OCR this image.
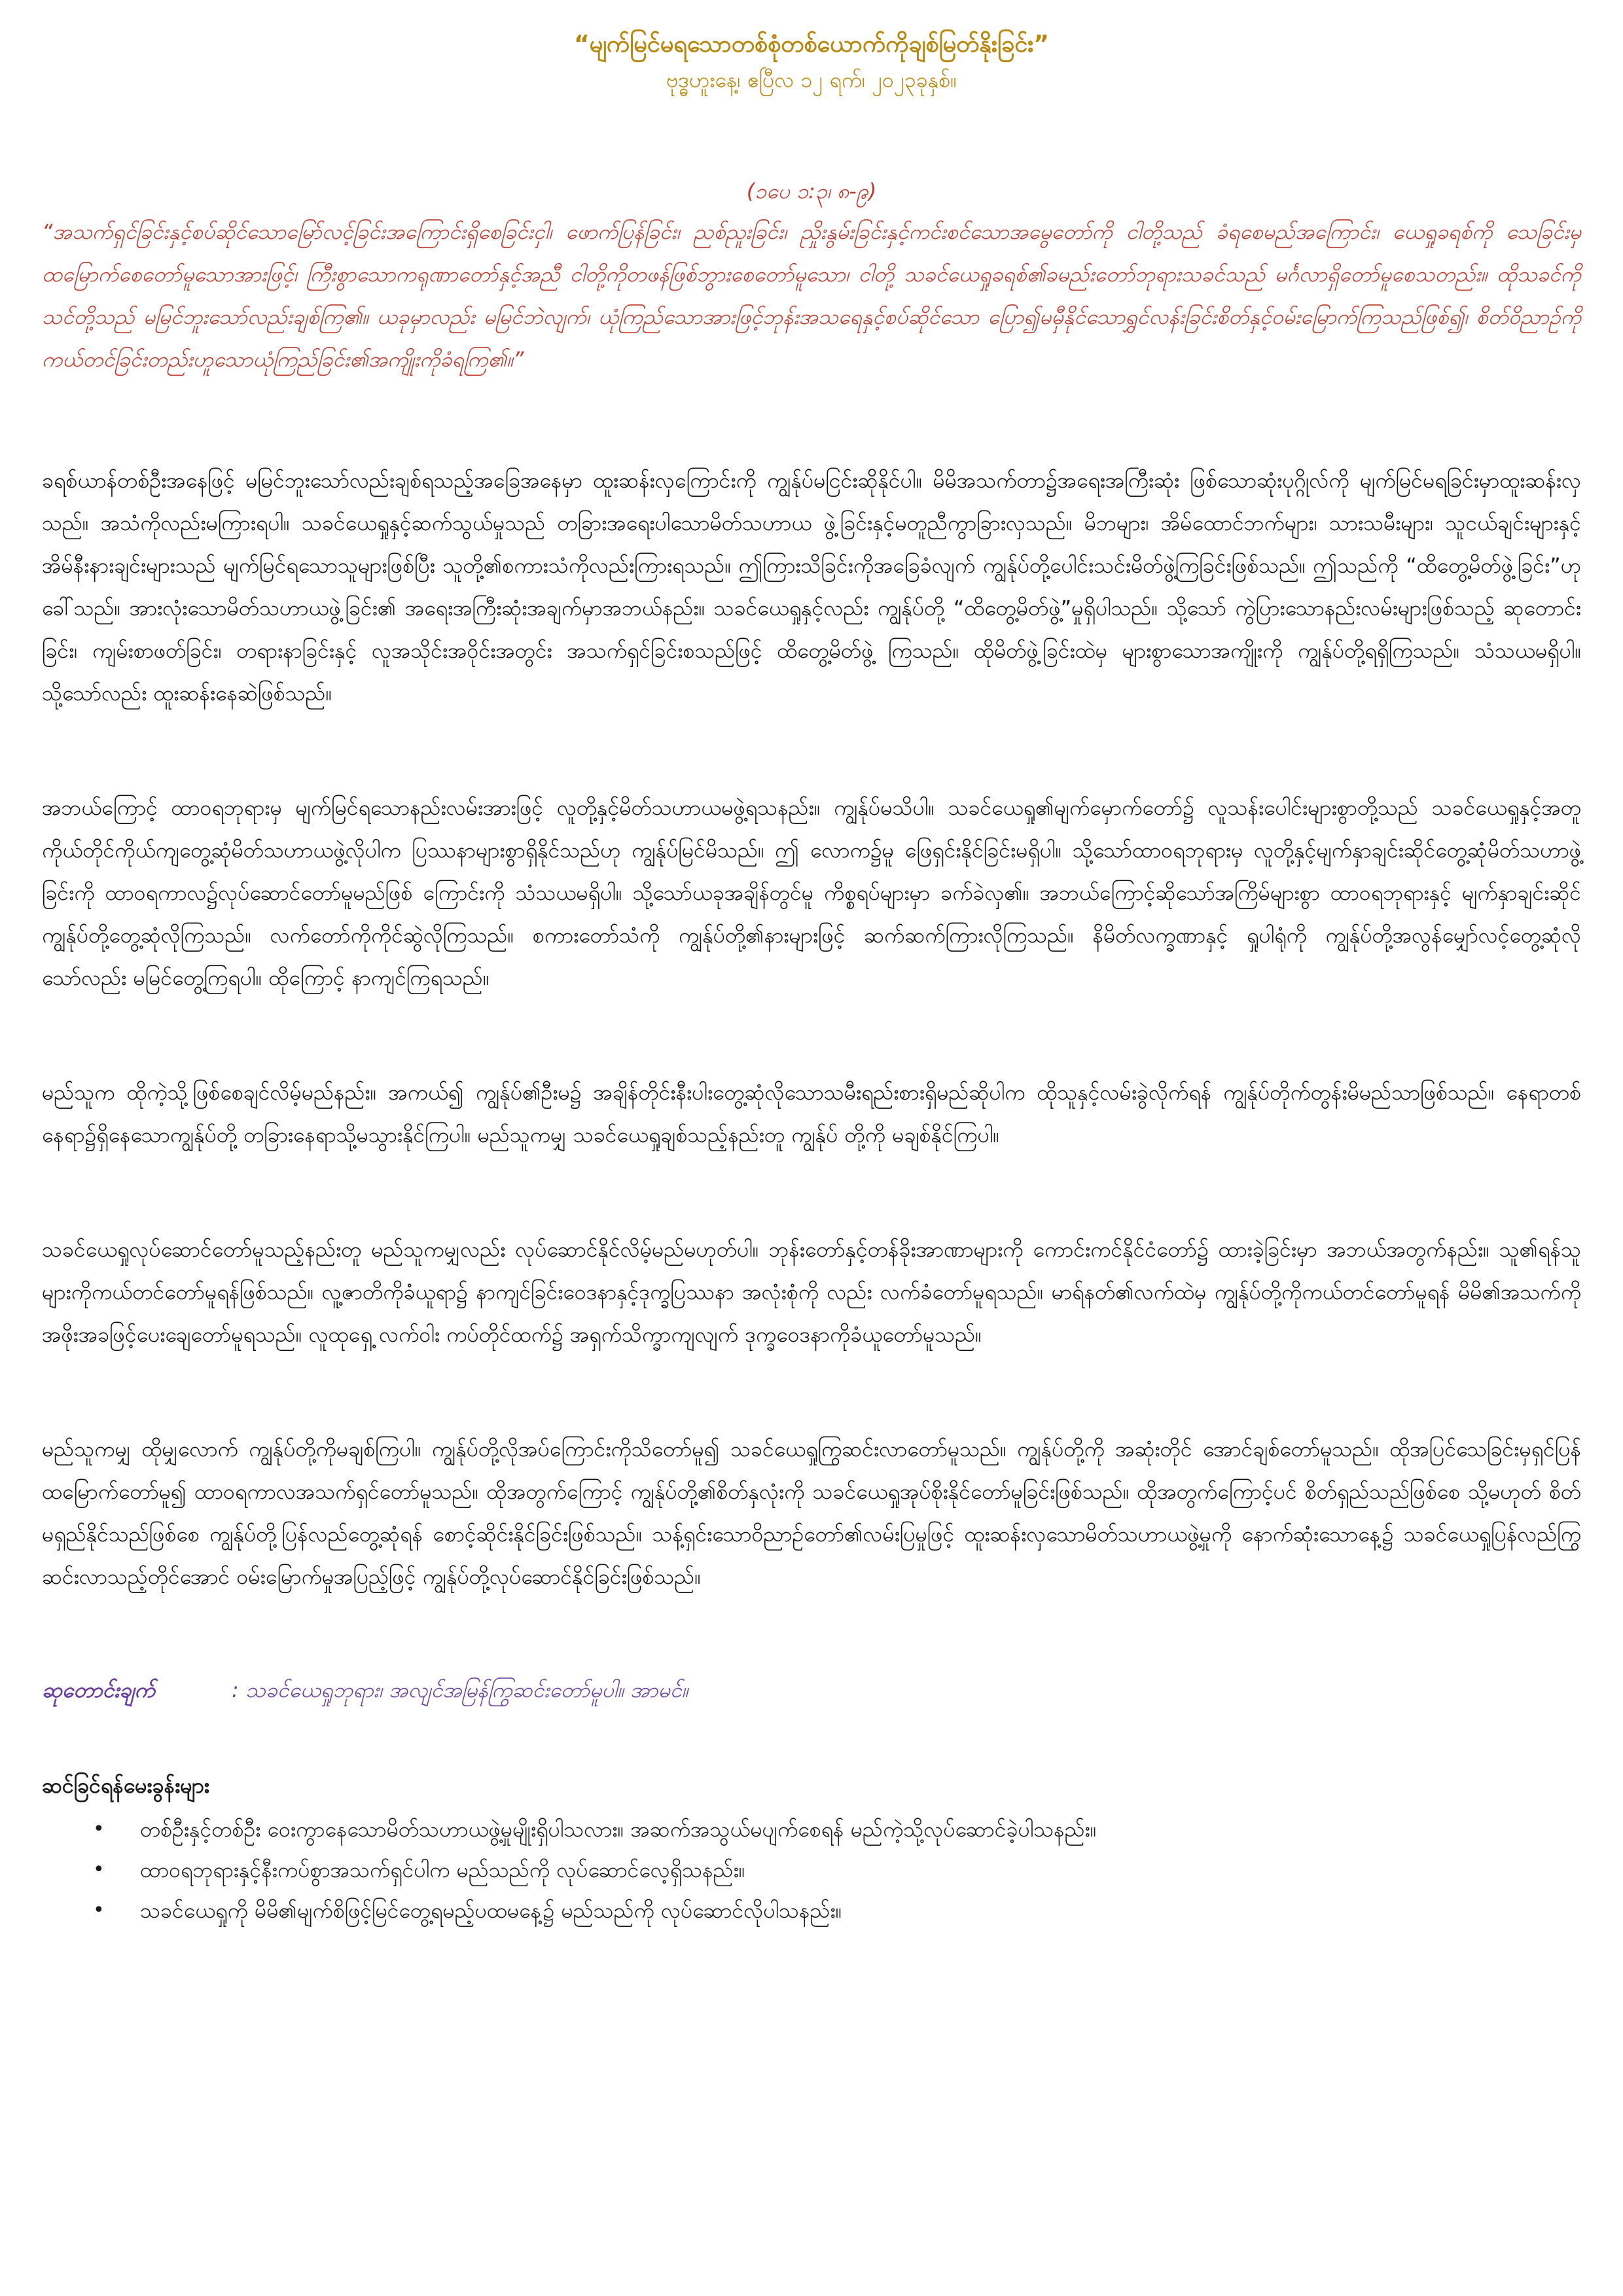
“မျက်မြင်မရသောတစ်စုံတစ်ယောက်ကိုချစ်မြတ်နိုးခြင်း”

ဗုဒ္ဓဟူးနေ့၊ ဧပြီလ ၁၂ ရက်၊ ၂၀၂၃ခုနှစ်။

(၁ပေ ၁:၃၊ ၈-၉)

“အသက်ရှင်ခြင်းနှင့်စပ်ဆိုင်သောမြော်လင့်ခြင်းအကြောင်းရှိစေခြင်းငှါ၊ ဖောက်ပြန်ခြင်း၊ ညစ်ညူးခြင်း၊ ညှိုးနွမ်းခြင်းနှင့်ကင်းစင်သောအမွေတော်ကို ငါတို့သည် ခံရစေမည်အကြောင်း၊ ယေရှုခရစ်ကို သေခြင်းမှထမြောက်စေတော်မူသောအားဖြင့်၊ ကြီးစွာသောကရုဏာတော်နှင့်အညီ ငါတို့ကိုတဖန်ဖြစ်ဘွားစေတော်မူသော၊ ငါတို့ သခင်ယေရှုခရစ်၏ခမည်းတော်ဘုရားသခင်သည် မင်္ဂလာရှိတော်မူစေသတည်း။ ထိုသခင်ကို သင်တို့သည် မမြင်ဘူးသော်လည်းချစ်ကြ၏။ ယခုမှာလည်း မမြင်ဘဲလျက်၊ ယုံကြည်သောအားဖြင့်ဘုန်းအသရေနှင့်စပ်ဆိုင်သော ပြော၍မမှီနိုင်သောရွှင်လန်းခြင်းစိတ်နှင့်ဝမ်းမြောက်ကြသည်ဖြစ်၍၊ စိတ်ဝိညာဉ်ကို ကယ်တင်ခြင်းတည်းဟူသောယုံကြည်ခြင်း၏အကျိုးကိုခံရကြ၏။”

ခရစ်ယာန်တစ်ဦးအနေဖြင့် မမြင်ဘူးသော်လည်းချစ်ရသည့်အခြေအနေမှာ ထူးဆန်းလှကြောင်းကို ကျွန်ုပ်မငြင်းဆိုနိုင်ပါ။ မိမိအသက်တာ၌အရေးအကြီးဆုံး ဖြစ်သောဆုံးပုဂ္ဂိုလ်ကို မျက်မြင်မရခြင်းမှာထူးဆန်းလှသည်။ အသံကိုလည်းမကြားရပါ။ သခင်ယေရှုနှင့်ဆက်သွယ်မှုသည် တခြားအရေးပါသောမိတ်သဟာယ ဖွဲ့ခြင်းနှင့်မတူညီကွာခြားလှသည်။ မိဘများ၊ အိမ်ထောင်ဘက်များ၊ သားသမီးများ၊ သူငယ်ချင်းများနှင့် အိမ်နီးနားချင်းများသည် မျက်မြင်ရသောသူများဖြစ်ပြီး သူတို့၏စကားသံကိုလည်းကြားရသည်။ ဤကြားသိခြင်းကိုအခြေခံလျက် ကျွန်ုပ်တို့ပေါင်းသင်းမိတ်ဖွဲ့ကြခြင်းဖြစ်သည်။ ဤသည်ကို “ထိတွေ့မိတ်ဖွဲ့ခြင်း”ဟု ခေါ်သည်။ အားလုံးသောမိတ်သဟာယဖွဲ့ခြင်း၏ အရေးအကြီးဆုံးအချက်မှာအဘယ်နည်း။ သခင်ယေရှုနှင့်လည်း ကျွန်ုပ်တို့ “ထိတွေ့မိတ်ဖွဲ့”မှုရှိပါသည်။ သို့သော် ကွဲပြားသောနည်းလမ်းများဖြစ်သည့် ဆုတောင်းခြင်း၊ ကျမ်းစာဖတ်ခြင်း၊ တရားနာခြင်းနှင့် လူအသိုင်းအဝိုင်းအတွင်း အသက်ရှင်ခြင်းစသည်ဖြင့် ထိတွေ့မိတ်ဖွဲ့ ကြသည်။ ထိုမိတ်ဖွဲ့ခြင်းထဲမှ များစွာသောအကျိုးကို ကျွန်ုပ်တို့ရရှိကြသည်။ သံသယမရှိပါ။ သို့သော်လည်း ထူးဆန်းနေဆဲဖြစ်သည်။

အဘယ်ကြောင့် ထာဝရဘုရားမှ မျက်မြင်ရသောနည်းလမ်းအားဖြင့် လူတို့နှင့်မိတ်သဟာယမဖွဲ့ရသနည်း။ ကျွန်ုပ်မသိပါ။ သခင်ယေရှု၏မျက်မှောက်တော်၌ လူသန်းပေါင်းများစွာတို့သည် သခင်ယေရှုနှင့်အတူ ကိုယ်တိုင်ကိုယ်ကျတွေ့ဆုံမိတ်သဟာယဖွဲ့လိုပါက ပြဿနာများစွာရှိနိုင်သည်ဟု ကျွန်ုပ်မြင်မိသည်။ ဤ လောက၌မူ ဖြေရှင်းနိုင်ခြင်းမရှိပါ။ သို့သော်ထာဝရဘုရားမှ လူတို့နှင့်မျက်နှာချင်းဆိုင်တွေ့ဆုံမိတ်သဟာဖွဲ့ခြင်းကို ထာဝရကာလ၌လုပ်ဆောင်တော်မူမည်ဖြစ် ကြောင်းကို သံသယမရှိပါ။ သို့သော်ယခုအချိန်တွင်မူ ကိစ္စရပ်များမှာ ခက်ခဲလှ၏။ အဘယ်ကြောင့်ဆိုသော်အကြိမ်များစွာ ထာဝရဘုရားနှင့် မျက်နှာချင်းဆိုင် ကျွန်ုပ်တို့တွေ့ဆုံလိုကြသည်။ လက်တော်ကိုကိုင်ဆွဲလိုကြသည်။ စကားတော်သံကို ကျွန်ုပ်တို့၏နားများဖြင့် ဆက်ဆက်ကြားလိုကြသည်။ နိမိတ်လက္ခဏာနှင့် ရှုပါရုံကို ကျွန်ုပ်တို့အလွန်မျှော်လင့်တွေ့ဆုံလိုသော်လည်း မမြင်တွေ့ကြရပါ။ ထိုကြောင့် နာကျင်ကြရသည်။

မည်သူက ထိုကဲ့သို့ဖြစ်စေချင်လိမ့်မည်နည်း။ အကယ်၍ ကျွန်ုပ်၏ဦးမ၌ အချိန်တိုင်းနီးပါးတွေ့ဆုံလိုသောသမီးရည်းစားရှိမည်ဆိုပါက ထိုသူနှင့်လမ်းခွဲလိုက်ရန် ကျွန်ုပ်တိုက်တွန်းမိမည်သာဖြစ်သည်။ နေရာတစ်နေရာ၌ရှိနေသောကျွန်ုပ်တို့ တခြားနေရာသို့မသွားနိုင်ကြပါ။ မည်သူကမျှ သခင်ယေရှုချစ်သည့်နည်းတူ ကျွန်ုပ် တို့ကို မချစ်နိုင်ကြပါ။

သခင်ယေရှုလုပ်ဆောင်တော်မူသည့်နည်းတူ မည်သူကမျှလည်း လုပ်ဆောင်နိုင်လိမ့်မည်မဟုတ်ပါ။ ဘုန်းတော်နှင့်တန်ခိုးအာဏာများကို ကောင်းကင်နိုင်ငံတော်၌ ထားခဲ့ခြင်းမှာ အဘယ်အတွက်နည်း။ သူ၏ရန်သူများကိုကယ်တင်တော်မူရန်ဖြစ်သည်။ လူ့ဇာတိကိုခံယူရာ၌ နာကျင်ခြင်းဝေဒနာနှင့်ဒုက္ခပြဿနာ အလုံးစုံကို လည်း လက်ခံတော်မူရသည်။ မာရ်နတ်၏လက်ထဲမှ ကျွန်ုပ်တို့ကိုကယ်တင်တော်မူရန် မိမိ၏အသက်ကို အဖိုးအခဖြင့်ပေးချေတော်မူရသည်။ လူထုရှေ့ လက်ဝါး ကပ်တိုင်ထက်၌ အရှက်သိက္ခာကျလျက် ဒုက္ခဝေဒနာကိုခံယူတော်မူသည်။

မည်သူကမျှ ထိုမျှလောက် ကျွန်ုပ်တို့ကိုမချစ်ကြပါ။ ကျွန်ုပ်တို့လိုအပ်ကြောင်းကိုသိတော်မူ၍ သခင်ယေရှုကြွဆင်းလာတော်မူသည်။ ကျွန်ုပ်တို့ကို အဆုံးတိုင် အောင်ချစ်တော်မူသည်။ ထိုအပြင်သေခြင်းမှရှင်ပြန်ထမြောက်တော်မူ၍ ထာဝရကာလအသက်ရှင်တော်မူသည်။ ထိုအတွက်ကြောင့် ကျွန်ုပ်တို့၏စိတ်နှလုံးကို သခင်ယေရှုအုပ်စိုးနိုင်တော်မူခြင်းဖြစ်သည်။ ထိုအတွက်ကြောင့်ပင် စိတ်ရှည်သည်ဖြစ်စေ သို့မဟုတ် စိတ်မရှည်နိုင်သည်ဖြစ်စေ ကျွန်ုပ်တို့ပြန်လည်တွေ့ဆုံရန် စောင့်ဆိုင်းနိုင်ခြင်းဖြစ်သည်။ သန့်ရှင်းသောဝိညာဉ်တော်၏လမ်းပြမှုဖြင့် ထူးဆန်းလှသောမိတ်သဟာယဖွဲ့မှုကို နောက်ဆုံးသောနေ့၌ သခင်ယေရှုပြန်လည်ကြွ ဆင်းလာသည့်တိုင်အောင် ဝမ်းမြောက်မှုအပြည့်ဖြင့် ကျွန်ုပ်တို့လုပ်ဆောင်နိုင်ခြင်းဖြစ်သည်။

ဆုတောင်းချက်	: သခင်ယေရှုဘုရား၊ အလျင်အမြန်ကြွဆင်းတော်မူပါ။ အာမင်။
ဆင်ခြင်ရန်မေးခွန်းများ
• တစ်ဦးနှင့်တစ်ဦး ဝေးကွာနေသောမိတ်သဟာယဖွဲ့မှုမျိုးရှိပါသလား။ အဆက်အသွယ်မပျက်စေရန် မည်ကဲ့သို့လုပ်ဆောင်ခဲ့ပါသနည်း။
• ထာဝရဘုရားနှင့်နီးကပ်စွာအသက်ရှင်ပါက မည်သည်ကို လုပ်ဆောင်လေ့ရှိသနည်း။
• သခင်ယေရှုကို မိမိ၏မျက်စိဖြင့်မြင်တွေ့ရမည့်ပထမနေ့၌ မည်သည်ကို လုပ်ဆောင်လိုပါသနည်း။
